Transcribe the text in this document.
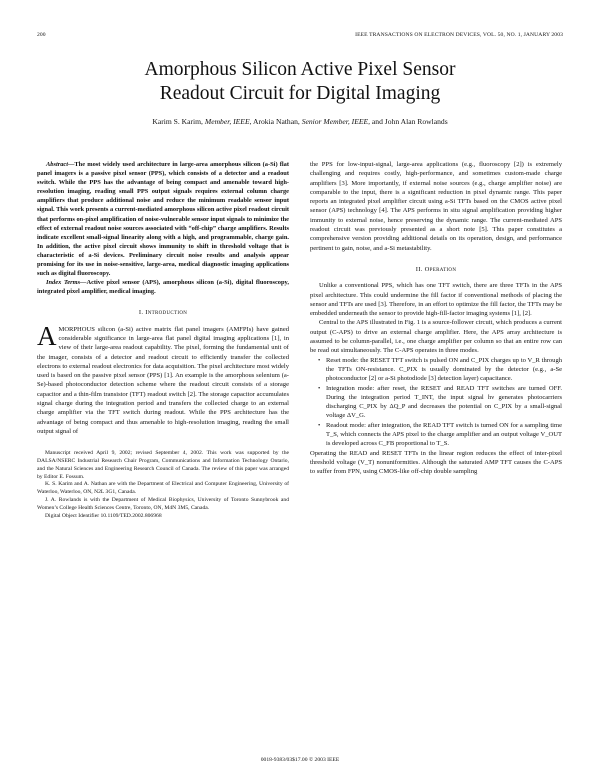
200	IEEE TRANSACTIONS ON ELECTRON DEVICES, VOL. 50, NO. 1, JANUARY 2003
Amorphous Silicon Active Pixel Sensor
Readout Circuit for Digital Imaging
Karim S. Karim, Member, IEEE, Arokia Nathan, Senior Member, IEEE, and John Alan Rowlands

Abstract—The most widely used architecture in large-area amorphous silicon (a-Si) flat panel imagers is a passive pixel sensor (PPS), which consists of a detector and a readout switch. While the PPS has the advantage of being compact and amenable toward high-resolution imaging, reading small PPS output signals requires external column charge amplifiers that produce additional noise and reduce the minimum readable sensor input signal. This work presents a current-mediated amorphous silicon active pixel readout circuit that performs on-pixel amplification of noise-vulnerable sensor input signals to minimize the effect of external readout noise sources associated with “off-chip” charge amplifiers. Results indicate excellent small-signal linearity along with a high, and programmable, charge gain. In addition, the active pixel circuit shows immunity to shift in threshold voltage that is characteristic of a-Si devices. Preliminary circuit noise results and analysis appear promising for its use in noise-sensitive, large-area, medical diagnostic imaging applications such as digital fluoroscopy.

Index Terms—Active pixel sensor (APS), amorphous silicon (a-Si), digital fluoroscopy, integrated pixel amplifier, medical imaging.

I. Introduction

AMORPHOUS silicon (a-Si) active matrix flat panel imagers (AMFPIs) have gained considerable significance in large-area flat panel digital imaging applications [1], in view of their large-area readout capability. The pixel, forming the fundamental unit of the imager, consists of a detector and readout circuit to efficiently transfer the collected electrons to external readout electronics for data acquisition. The pixel architecture most widely used is based on the passive pixel sensor (PPS) [1]. An example is the amorphous selenium (a-Se)-based photoconductor detection scheme where the readout circuit consists of a storage capacitor and a thin-film transistor (TFT) readout switch [2]. The storage capacitor accumulates signal charge during the integration period and transfers the collected charge to an external charge amplifier via the TFT switch during readout. While the PPS architecture has the advantage of being compact and thus amenable to high-resolution imaging, reading the small output signal of

Manuscript received April 9, 2002; revised September 4, 2002. This work was supported by the DALSA/NSERC Industrial Research Chair Program, Communications and Information Technology Ontario, and the Natural Sciences and Engineering Research Council of Canada. The review of this paper was arranged by Editor E. Fossum.

K. S. Karim and A. Nathan are with the Department of Electrical and Computer Engineering, University of Waterloo, Waterloo, ON, N2L 3G1, Canada.

J. A. Rowlands is with the Department of Medical Biophysics, University of Toronto Sunnybrook and Women’s College Health Sciences Centre, Toronto, ON, M4N 3M5, Canada.

Digital Object Identifier 10.1109/TED.2002.806968

the PPS for low-input-signal, large-area applications (e.g., fluoroscopy [2]) is extremely challenging and requires costly, high-performance, and sometimes custom-made charge amplifiers [3]. More importantly, if external noise sources (e.g., charge amplifier noise) are comparable to the input, there is a significant reduction in pixel dynamic range. This paper reports an integrated pixel amplifier circuit using a-Si TFTs based on the CMOS active pixel sensor (APS) technology [4]. The APS performs in situ signal amplification providing higher immunity to external noise, hence preserving the dynamic range. The current-mediated APS readout circuit was previously presented as a short note [5]. This paper constitutes a comprehensive version providing additional details on its operation, design, and performance pertinent to gain, noise, and a-Si metastability.

II. Operation

Unlike a conventional PPS, which has one TFT switch, there are three TFTs in the APS pixel architecture. This could undermine the fill factor if conventional methods of placing the sensor and TFTs are used [3]. Therefore, in an effort to optimize the fill factor, the TFTs may be embedded underneath the sensor to provide high-fill-factor imaging systems [1], [2].

Central to the APS illustrated in Fig. 1 is a source-follower circuit, which produces a current output (C-APS) to drive an external charge amplifier. Here, the APS array architecture is assumed to be column-parallel, i.e., one charge amplifier per column so that an entire row can be read out simultaneously. The C-APS operates in three modes.

• Reset mode: the RESET TFT switch is pulsed ON and C_PIX charges up to V_R through the TFTs ON-resistance. C_PIX is usually dominated by the detector (e.g., a-Se photoconductor [2] or a-Si photodiode [3] detection layer) capacitance.
• Integration mode: after reset, the RESET and READ TFT switches are turned OFF. During the integration period T_INT, the input signal hν generates photocarriers discharging C_PIX by ΔQ_P and decreases the potential on C_PIX by a small-signal voltage ΔV_G.
• Readout mode: after integration, the READ TFT switch is turned ON for a sampling time T_S, which connects the APS pixel to the charge amplifier and an output voltage V_OUT is developed across C_FB proportional to T_S.

Operating the READ and RESET TFTs in the linear region reduces the effect of inter-pixel threshold voltage (V_T) nonuniformities. Although the saturated AMP TFT causes the C-APS to suffer from FPN, using CMOS-like off-chip double sampling

0018-9383/03$17.00 © 2003 IEEE
